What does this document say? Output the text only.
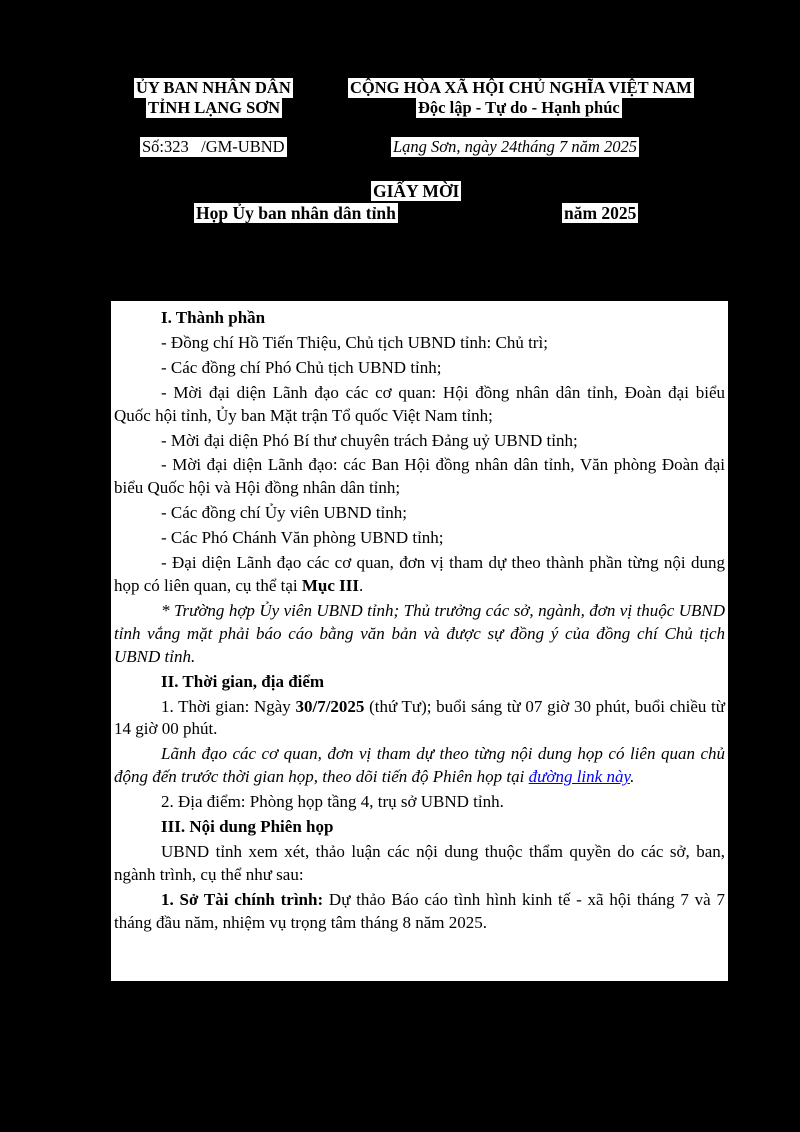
ỦY BAN NHÂN DÂN
TỈNH LẠNG SƠN
CỘNG HÒA XÃ HỘI CHỦ NGHĨA VIỆT NAM
Độc lập - Tự do - Hạnh phúc
Số:323 /GM-UBND	Lạng Sơn, ngày 24tháng 7 năm 2025
GIẤY MỜI
Họp Ủy ban nhân dân tỉnh	năm 2025

I. Thành phần

- Đồng chí Hồ Tiến Thiệu, Chủ tịch UBND tỉnh: Chủ trì;

- Các đồng chí Phó Chủ tịch UBND tỉnh;

- Mời đại diện Lãnh đạo các cơ quan: Hội đồng nhân dân tỉnh, Đoàn đại biểu Quốc hội tỉnh, Ủy ban Mặt trận Tổ quốc Việt Nam tỉnh;

- Mời đại diện Phó Bí thư chuyên trách Đảng uỷ UBND tỉnh;

- Mời đại diện Lãnh đạo: các Ban Hội đồng nhân dân tỉnh, Văn phòng Đoàn đại biểu Quốc hội và Hội đồng nhân dân tỉnh;

- Các đồng chí Ủy viên UBND tỉnh;

- Các Phó Chánh Văn phòng UBND tỉnh;

- Đại diện Lãnh đạo các cơ quan, đơn vị tham dự theo thành phần từng nội dung họp có liên quan, cụ thể tại Mục III.

* Trường hợp Ủy viên UBND tỉnh; Thủ trưởng các sở, ngành, đơn vị thuộc UBND tỉnh vắng mặt phải báo cáo bằng văn bản và được sự đồng ý của đồng chí Chủ tịch UBND tỉnh.

II. Thời gian, địa điểm

1. Thời gian: Ngày 30/7/2025 (thứ Tư); buổi sáng từ 07 giờ 30 phút, buổi chiều từ 14 giờ 00 phút.

Lãnh đạo các cơ quan, đơn vị tham dự theo từng nội dung họp có liên quan chủ động đến trước thời gian họp, theo dõi tiến độ Phiên họp tại đường link này.

2. Địa điểm: Phòng họp tầng 4, trụ sở UBND tỉnh.

III. Nội dung Phiên họp

UBND tỉnh xem xét, thảo luận các nội dung thuộc thẩm quyền do các sở, ban, ngành trình, cụ thể như sau:

1. Sở Tài chính trình: Dự thảo Báo cáo tình hình kinh tế - xã hội tháng 7 và 7 tháng đầu năm, nhiệm vụ trọng tâm tháng 8 năm 2025.
